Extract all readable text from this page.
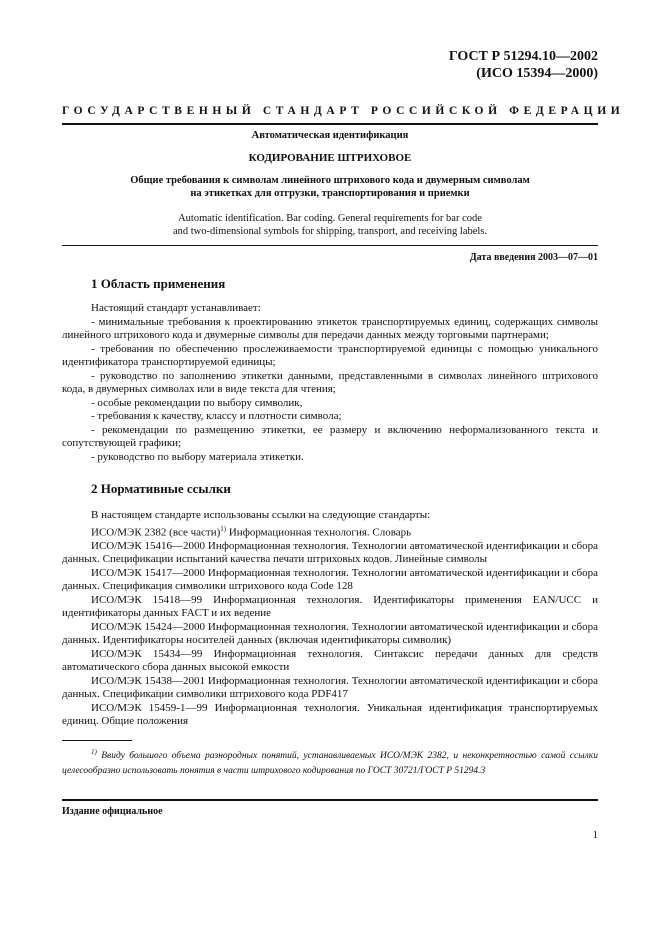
ГОСТ Р 51294.10—2002
(ИСО 15394—2000)
ГОСУДАРСТВЕННЫЙ СТАНДАРТ РОССИЙСКОЙ ФЕДЕРАЦИИ
Автоматическая идентификация
КОДИРОВАНИЕ ШТРИХОВОЕ
Общие требования к символам линейного штрихового кода и двумерным символам
на этикетках для отгрузки, транспортирования и приемки
Automatic identification. Bar coding. General requirements for bar code
and two-dimensional symbols for shipping, transport, and receiving labels.
Дата введения 2003—07—01
1 Область применения
Настоящий стандарт устанавливает:
- минимальные требования к проектированию этикеток транспортируемых единиц, содержащих символы линейного штрихового кода и двумерные символы для передачи данных между торговыми партнерами;
- требования по обеспечению прослеживаемости транспортируемой единицы с помощью уникального идентификатора транспортируемой единицы;
- руководство по заполнению этикетки данными, представленными в символах линейного штрихового кода, в двумерных символах или в виде текста для чтения;
- особые рекомендации по выбору символик,
- требования к качеству, классу и плотности символа;
- рекомендации по размещению этикетки, ее размеру и включению неформализованного текста и сопутствующей графики;
- руководство по выбору материала этикетки.
2 Нормативные ссылки
В настоящем стандарте использованы ссылки на следующие стандарты:
ИСО/МЭК 2382 (все части)$^{1)}$ Информационная технология. Словарь
ИСО/МЭК 15416—2000 Информационная технология. Технологии автоматической идентификации и сбора данных. Спецификации испытаний качества печати штриховых кодов. Линейные символы
ИСО/МЭК 15417—2000 Информационная технология. Технологии автоматической идентификации и сбора данных. Спецификация символики штрихового кода Code 128
ИСО/МЭК 15418—99 Информационная технология. Идентификаторы применения EAN/UCC и идентификаторы данных FACT и их ведение
ИСО/МЭК 15424—2000 Информационная технология. Технологии автоматической идентификации и сбора данных. Идентификаторы носителей данных (включая идентификаторы символик)
ИСО/МЭК 15434—99 Информационная технология. Синтаксис передачи данных для средств автоматического сбора данных высокой емкости
ИСО/МЭК 15438—2001 Информационная технология. Технологии автоматической идентификации и сбора данных. Спецификации символики штрихового кода PDF417
ИСО/МЭК 15459-1—99 Информационная технология. Уникальная идентификация транспортируемых единиц. Общие положения
$^{1)}$ Ввиду большого объема разнородных понятий, устанавливаемых ИСО/МЭК 2382, и неконкретностью самой ссылки целесообразно использовать понятия в части штрихового кодирования по ГОСТ 30721/ГОСТ Р 51294.3
Издание официальное
1
